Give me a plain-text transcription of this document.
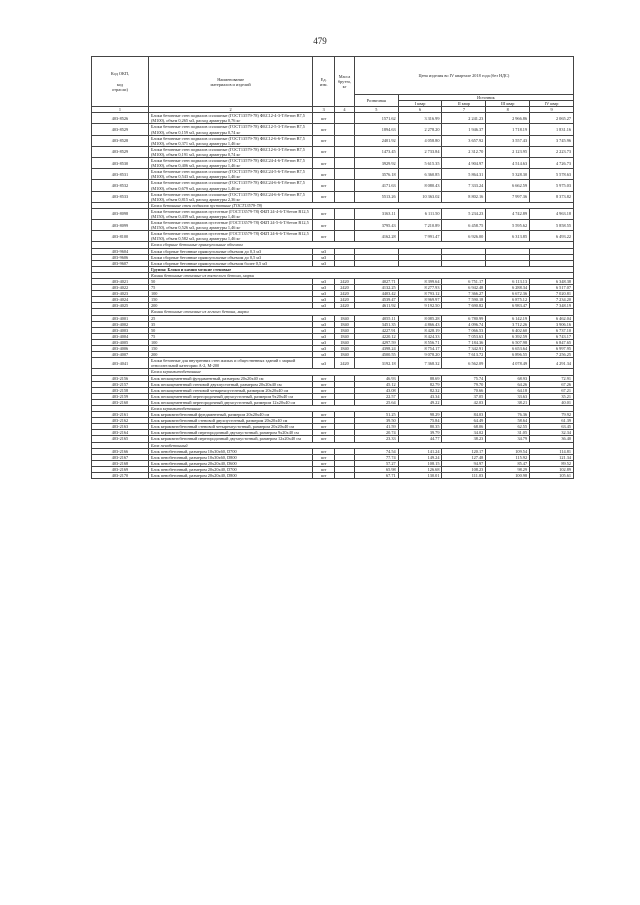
479
Код ОКП,

код
отрасли)	Наименование
материалов и изделий	Ед.
изм.	Масса
брутто,
кг	Цена изделия во IV квартале 2018 года (без НДС)				
				Розничная	Источник			
					I квар	II квар	III квар	IV квар
1	2	3	4	5	6	7	8	9
403-8526	Блоки бетонные стен подвалов сплошные (ГОСТ13579-78) ФБС12-4-3-Т/бетон В7,5 (М100), объем 0,265 м3, расход арматуры 0,76 кг	шт		1571.62	3 316.99	2 241.23	2 966.86	2 065.27
403-8529	Блоки бетонные стен подвалов сплошные (ГОСТ13579-78) ФБС12-5-3-Т/бетон В7,5 (М100), объем 0,159 м3, расход арматуры 0,74 кг	шт		1894.63	2 278.20	1 946.37	1 718.19	1 831.16
403-8528	Блоки бетонные стен подвалов сплошные (ГОСТ13579-78) ФБС12-6-6-Т/бетон В7,5 (М100), объем 0,371 м3, расход арматуры 1,46 кг	шт		2401.92	4 058.80	3 657.92	3 557.43	3 745.96
403-8529	Блоки бетонные стен подвалов сплошные (ГОСТ13579-78) ФБС12-6-3-Т/бетон В7,5 (М100), объем 0,191 м3, расход арматуры 0,74 кг	шт		1473.45	2 733.84	2 312.70	2 123.95	2 223.73
403-8530	Блоки бетонные стен подвалов сплошные (ГОСТ13579-78) ФБС24-4-6-Т/бетон В7,5 (М100), объем 0,406 м3, расход арматуры 1,46 кг	шт		3929.92	5 615.35	4 904.97	4 514.63	4 726.73
403-8531	Блоки бетонные стен подвалов сплошные (ГОСТ13579-78) ФБС24-5-6-Т/бетон В7,5 (М100), объем 0,543 м3, расход арматуры 1,46 кг	шт		3576.18	6 360.85	5 864.31	5 328.30	5 578.63
403-8532	Блоки бетонные стен подвалов сплошные (ГОСТ13579-78) ФБС24-6-6-Т/бетон В7,5 (М100), объем 0,679 м3, расход арматуры 1,46 кг	шт		4171.63	8 080.43	7 333.24	6 662.59	5 975.03
403-8533	Блоки бетонные стен подвалов сплошные (ГОСТ13579-78) ФБС24-6-6-Т/бетон В7,5 (М100), объем 0,815 м3, расход арматуры 2,36 кг	шт		5513.26	10 363.02	8 802.16	7 997.36	8 373.82
	Блоки бетонные стен подвалов пустотные (ГОСТ13579-78)							
403-8098	Блоки бетонные стен подвалов пустотные (ГОСТ13579-78) ФБП 24-4-6-Т/бетон В12,5 (М150), объем 0,439 м3, расход арматуры 1,46 кг	шт		3163.11	6 111.50	5 234.23	4 742.89	4 963.18
403-8099	Блоки бетонные стен подвалов пустотные (ГОСТ13579-78) ФБП 24-5-6-Т/бетон В12,5 (М150), объем 0,526 м3, расход арматуры 1,46 кг	шт		3795.43	7 210.89	6 458.75	5 595.62	5 858.55
403-8100	Блоки бетонные стен подвалов пустотные (ГОСТ13579-78) ФБП 24-6-6-Т/бетон В12,5 (М150), объем 0,582 м3, расход арматуры 1,46 кг	шт		4162.28	7 991.47	6 926.00	6 313.85	6 493.22
	Блоки сборные бетонные прямоугольные объемом							
403-9604	Блоки сборные бетонные прямоугольные объемом до 0,3 м3	м3						
403-9606	Блоки сборные бетонные прямоугольные объемом до 0,5 м3	м3						
403-9607	Блоки сборные бетонные прямоугольные объемом более 0,5 м3	м3						
	Группа: Блоки и камни мелкие стеновые							
	Камни бетонные стеновые из тяжелого бетона, марки							
403-4021	50	м3	2420	4027.71	8 399.64	6 751.17	6 113.13	6 348.38
403-4022	75	м3	2420	4132.25	8 277.93	6 942.48	6 288.34	6 517.07
403-4023	100	м3	2420	4403.42	8 793.12	7 366.27	6 672.36	7 020.81
403-4024	150	м3	2420	4539.47	8 969.97	7 590.18	6 875.12	7 234.20
403-4025	200	м3	2420	4611.92	9 192.50	7 690.82	6 983.47	7 348.19
	Камни бетонные стеновые из легкого бетона, марки							
403-4001	25	м3	1840	4055.11	8 085.28	6 780.99	6 142.19	6 462.04
403-4002	35	м3	1840	3451.35	4 866.43	4 096.74	3 712.26	3 906.16
403-4003	50	м3	1840	4227.91	8 428.19	7 066.53	6 402.60	6 737.10
403-4004	75	м3	1840	4220.12	8 424.33	7 053.63	6 392.59	6 743.17
403-4005	100	м3	1840	4297.59	8 556.71	7 184.36	6 507.98	6 847.65
403-4006	150	м3	1840	4398.24	8 754.17	7 342.91	6 653.64	6 997.95
403-4007	200	м3	1840	4500.55	9 078.20	7 613.72	6 896.55	7 256.25
403-4041	Блоки бетонные для внутренних стен жилых и общественных зданий с маркой относительной категории А-2, М-200	м3	2420	3192.18	7 368.32	6 562.09	4 078.49	4 291.34
	Блоки керамзитобетонные							
403-2156	Блок пескоцементный фундаментный, размером 20х20х40 см	шт		46.93	88.69	75.74	68.93	72.91
403-2157	Блок пескоцементный стеновой двухпустотный, размером 20х20х40 см	шт		45.12	82.79	79.70	64.26	67.26
403-2158	Блок пескоцементный стеновой четырехпустотный, размером 20х20х40 см	шт		43.08	82.32	70.66	64.18	67.21
403-2159	Блок пескоцементный перегородочный двухпустотный, размером 9х20х40 см	шт		22.57	43.34	37.05	33.63	35.21
403-2160	Блок пескоцементный перегородочный двухпустотный, размером 12х20х40 см	шт		25.64	49.22	42.03	38.21	40.01
	Блоки керамзитобетонные							
403-2161	Блок керамзитобетонный фундаментный, размером 20х20х40 см	шт		51.25	98.29	84.03	76.36	79.92
403-2162	Блок керамзитобетонный стеновой двухпустотный, размером 20х20х40 см	шт		39.50	75.84	64.49	58.64	61.39
403-2163	Блок керамзитобетонный стеновой четырехпустотный, размером 20х20х40 см	шт		41.59	80.35	68.06	62.55	63.45
403-2164	Блок керамзитобетонный перегородочный двухпустотный, размером 9х20х40 см	шт		20.74	39.79	34.02	31.05	32.34
403-2165	Блок керамзитобетонный перегородочный двухпустотный, размером 12х20х40 см	шт		23.33	44.77	38.23	34.79	36.40
	Блок пенобетонный							
403-2166	Блок пенобетонный, размером 10х30х60, D700	шт		74.54	141.24	120.17	109.54	114.81
403-2167	Блок пенобетонный, размером 10х30х60, D800	шт		77.74	149.24	127.48	115.92	121.34
403-2168	Блок пенобетонный, размером 20х20х40, D600	шт		57.27	108.15	94.97	85.47	89.52
403-2169	Блок пенобетонный, размером 20х20х40, D700	шт		65.98	126.68	108.23	98.29	102.89
403-2170	Блок пенобетонный, размером 20х20х40, D800	шт		67.71	130.01	111.03	100.98	105.61
